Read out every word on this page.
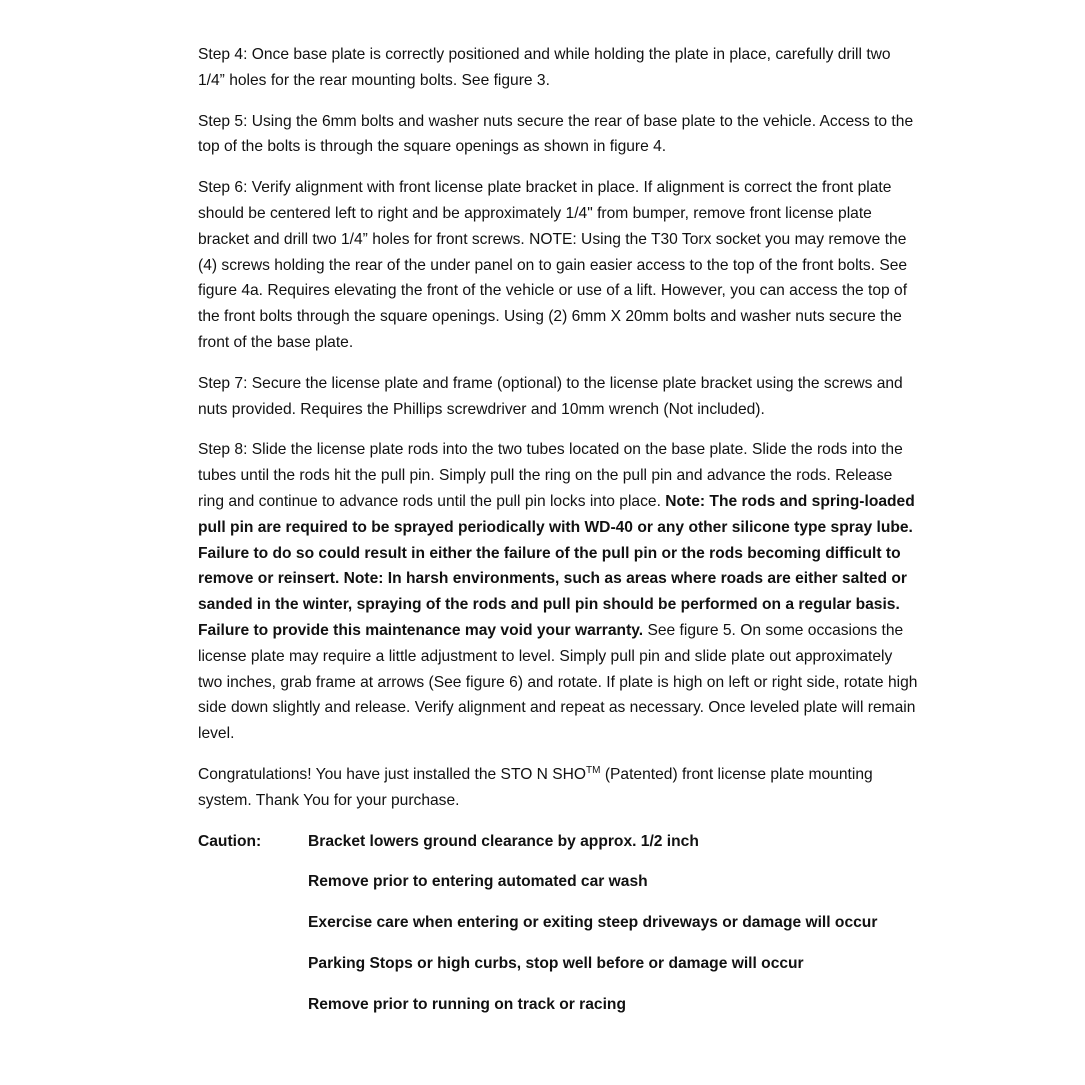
Step 4: Once base plate is correctly positioned and while holding the plate in place, carefully drill two 1/4” holes for the rear mounting bolts. See figure 3.

Step 5: Using the 6mm bolts and washer nuts secure the rear of base plate to the vehicle. Access to the top of the bolts is through the square openings as shown in figure 4.

Step 6: Verify alignment with front license plate bracket in place. If alignment is correct the front plate should be centered left to right and be approximately 1/4" from bumper, remove front license plate bracket and drill two 1/4” holes for front screws. NOTE: Using the T30 Torx socket you may remove the (4) screws holding the rear of the under panel on to gain easier access to the top of the front bolts. See figure 4a. Requires elevating the front of the vehicle or use of a lift. However, you can access the top of the front bolts through the square openings. Using (2) 6mm X 20mm bolts and washer nuts secure the front of the base plate.

Step 7: Secure the license plate and frame (optional) to the license plate bracket using the screws and nuts provided. Requires the Phillips screwdriver and 10mm wrench (Not included).

Step 8: Slide the license plate rods into the two tubes located on the base plate. Slide the rods into the tubes until the rods hit the pull pin. Simply pull the ring on the pull pin and advance the rods. Release ring and continue to advance rods until the pull pin locks into place. Note: The rods and spring-loaded pull pin are required to be sprayed periodically with WD-40 or any other silicone type spray lube. Failure to do so could result in either the failure of the pull pin or the rods becoming difficult to remove or reinsert. Note: In harsh environments, such as areas where roads are either salted or sanded in the winter, spraying of the rods and pull pin should be performed on a regular basis. Failure to provide this maintenance may void your warranty. See figure 5. On some occasions the license plate may require a little adjustment to level. Simply pull pin and slide plate out approximately two inches, grab frame at arrows (See figure 6) and rotate. If plate is high on left or right side, rotate high side down slightly and release. Verify alignment and repeat as necessary. Once leveled plate will remain level.

Congratulations! You have just installed the STO N SHO™ (Patented) front license plate mounting system. Thank You for your purchase.

Caution:	Bracket lowers ground clearance by approx. 1/2 inch
Remove prior to entering automated car wash
Exercise care when entering or exiting steep driveways or damage will occur
Parking Stops or high curbs, stop well before or damage will occur
Remove prior to running on track or racing
